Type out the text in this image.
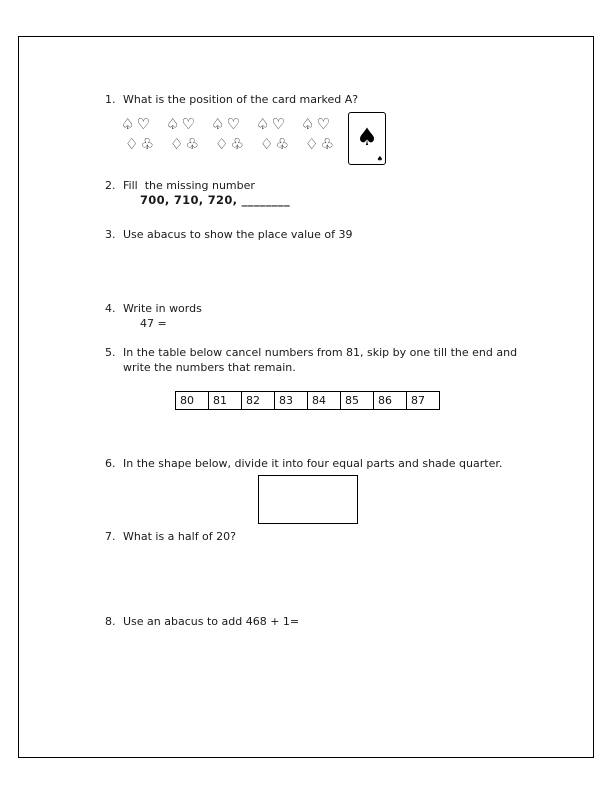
1. What is the position of the card marked A?
♤♡
♢♧
♤♡
♢♧
♤♡
♢♧
♤♡
♢♧
♤♡
♢♧ ♠
♠
2. Fill  the missing number
700, 710, 720, ________
3. Use abacus to show the place value of 39
4. Write in words
47 =
5. In the table below cancel numbers from 81, skip by one till the end and
write the numbers that remain.
80	81	82	83	84	85	86	87
6. In the shape below, divide it into four equal parts and shade quarter.
7. What is a half of 20?
8. Use an abacus to add 468 + 1=
